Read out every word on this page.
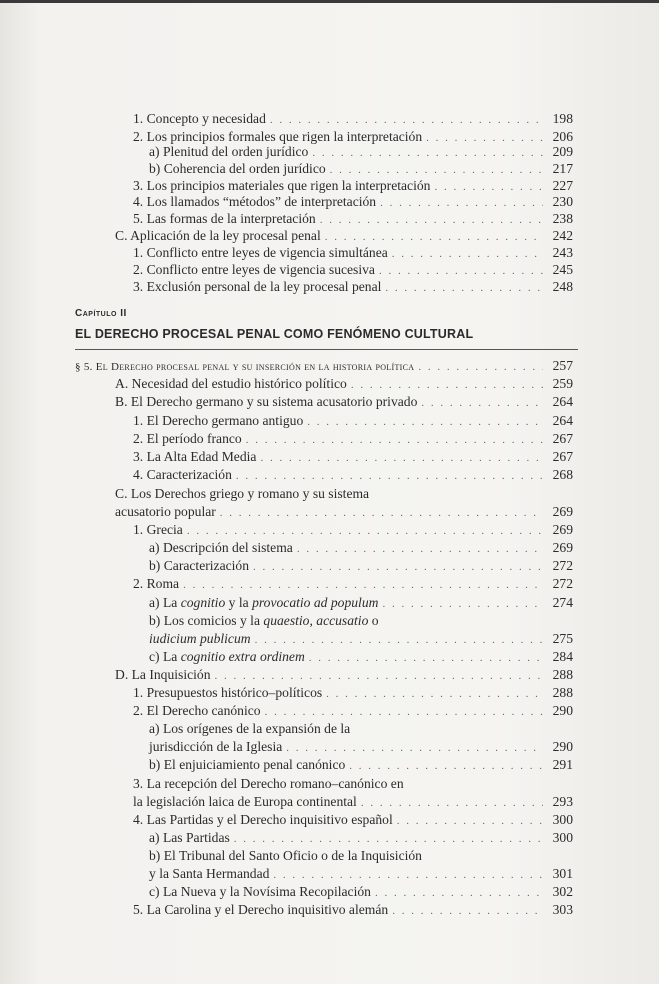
1. Concepto y necesidad . . .	198
2. Los principios formales que rigen la interpretación . . .	206
a) Plenitud del orden jurídico . . .	209
b) Coherencia del orden jurídico . . .	217
3. Los principios materiales que rigen la interpretación . . .	227
4. Los llamados “métodos” de interpretación . . .	230
5. Las formas de la interpretación . . .	238
C. Aplicación de la ley procesal penal . . .	242
1. Conflicto entre leyes de vigencia simultánea . . .	243
2. Conflicto entre leyes de vigencia sucesiva . . .	245
3. Exclusión personal de la ley procesal penal . . .	248
Capítulo II
EL DERECHO PROCESAL PENAL COMO FENÓMENO CULTURAL
§ 5. El Derecho procesal penal y su inserción en la historia política . . .	257
A. Necesidad del estudio histórico político . . .	259
B. El Derecho germano y su sistema acusatorio privado . . .	264
1. El Derecho germano antiguo . . .	264
2. El período franco . . .	267
3. La Alta Edad Media . . .	267
4. Caracterización . . .	268
C. Los Derechos griego y romano y su sistema
acusatorio popular . . .	269
1. Grecia . . .	269
a) Descripción del sistema . . .	269
b) Caracterización . . .	272
2. Roma . . .	272
a) La cognitio y la provocatio ad populum . . .	274
b) Los comicios y la quaestio, accusatio o
iudicium publicum . . .	275
c) La cognitio extra ordinem . . .	284
D. La Inquisición . . .	288
1. Presupuestos histórico–políticos . . .	288
2. El Derecho canónico . . .	290
a) Los orígenes de la expansión de la
jurisdicción de la Iglesia . . .	290
b) El enjuiciamiento penal canónico . . .	291
3. La recepción del Derecho romano–canónico en
la legislación laica de Europa continental . . .	293
4. Las Partidas y el Derecho inquisitivo español . . .	300
a) Las Partidas . . .	300
b) El Tribunal del Santo Oficio o de la Inquisición
y la Santa Hermandad . . .	301
c) La Nueva y la Novísima Recopilación . . .	302
5. La Carolina y el Derecho inquisitivo alemán . . .	303
